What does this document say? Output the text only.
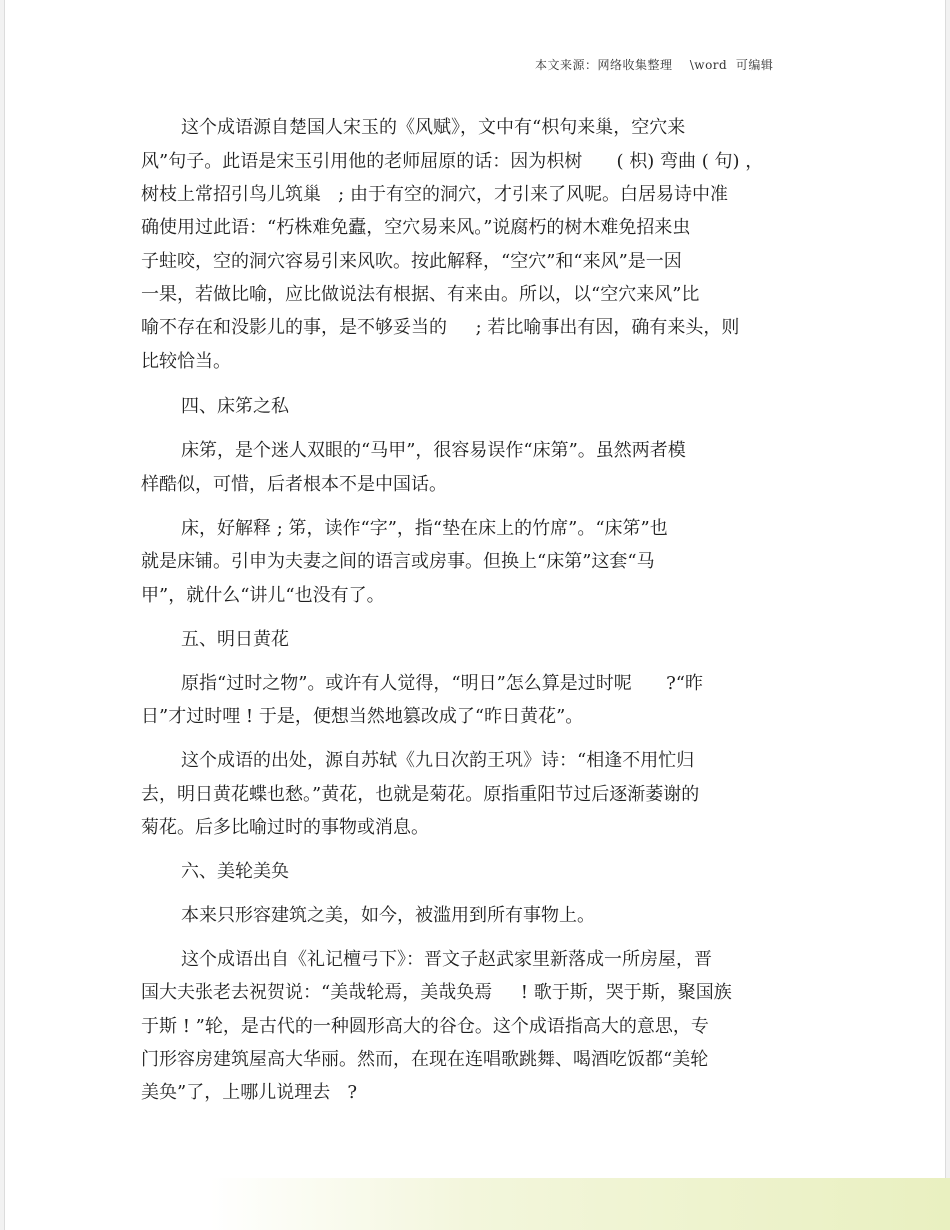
本文来源：网络收集整理    \word  可编辑
这个成语源自楚国人宋玉的《风赋》，文中有“枳句来巢，空穴来
风”句子。此语是宋玉引用他的老师屈原的话：因为枳树      ( 枳) 弯曲 ( 句) ，
树枝上常招引鸟儿筑巢   ; 由于有空的洞穴，才引来了风呢。白居易诗中准
确使用过此语：“朽株难免蠹，空穴易来风。”说腐朽的树木难免招来虫
子蛀咬，空的洞穴容易引来风吹。按此解释，“空穴”和“来风”是一因
一果，若做比喻，应比做说法有根据、有来由。所以，以“空穴来风”比
喻不存在和没影儿的事，是不够妥当的     ; 若比喻事出有因，确有来头，则
比较恰当。
四、床笫之私
床笫，是个迷人双眼的“马甲”，很容易误作“床第”。虽然两者模
样酷似，可惜，后者根本不是中国话。
床，好解释 ; 笫，读作“字”，指“垫在床上的竹席”。“床笫”也
就是床铺。引申为夫妻之间的语言或房事。但换上“床第”这套“马
甲”，就什么“讲儿“也没有了。
五、明日黄花
原指“过时之物”。或许有人觉得，“明日”怎么算是过时呢      ?“昨
日”才过时哩 ! 于是，便想当然地篡改成了“昨日黄花”。
这个成语的出处，源自苏轼《九日次韵王巩》诗：“相逢不用忙归
去，明日黄花蝶也愁。”黄花，也就是菊花。原指重阳节过后逐渐萎谢的
菊花。后多比喻过时的事物或消息。
六、美轮美奂
本来只形容建筑之美，如今，被滥用到所有事物上。
这个成语出自《礼记檀弓下》：晋文子赵武家里新落成一所房屋，晋
国大夫张老去祝贺说：“美哉轮焉，美哉奂焉     ! 歌于斯，哭于斯，聚国族
于斯 ! ”轮，是古代的一种圆形高大的谷仓。这个成语指高大的意思，专
门形容房建筑屋高大华丽。然而，在现在连唱歌跳舞、喝酒吃饭都“美轮
美奂”了，上哪儿说理去   ?
